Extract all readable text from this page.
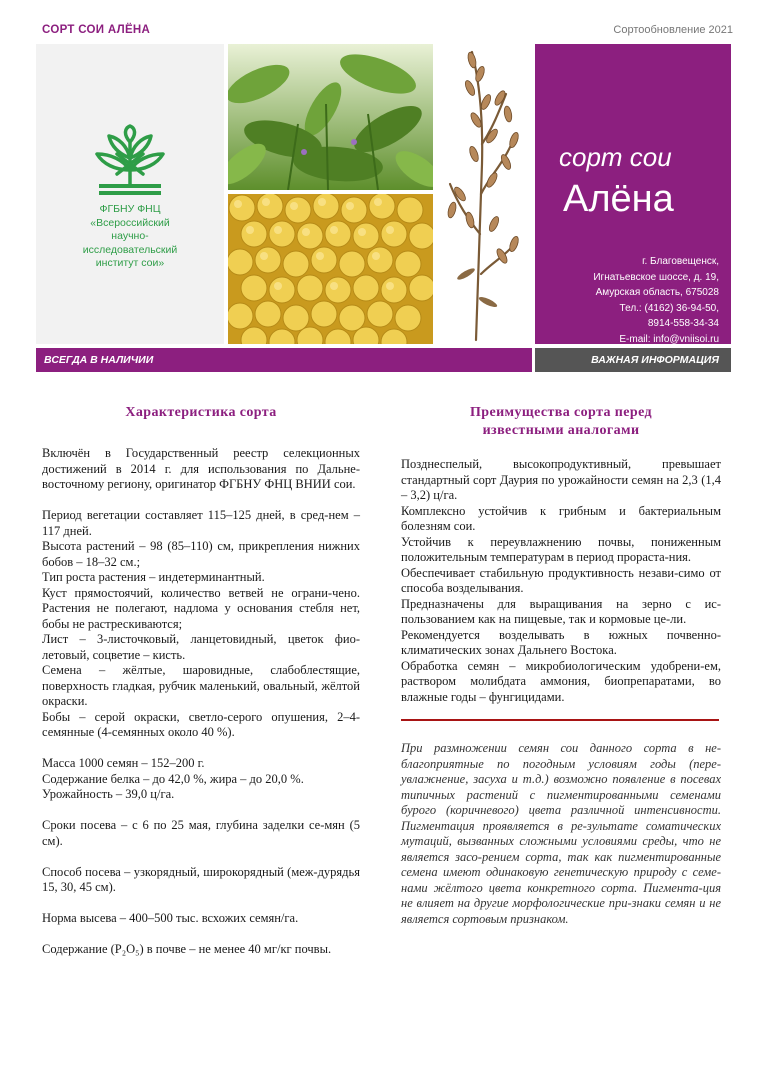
СОРТ СОИ АЛЁНА	Сортообновление 2021
ФГБНУ ФНЦ
«Всероссийский
научно-
исследовательский
институт сои»
сорт сои
Алёна
г. Благовещенск,
Игнатьевское шоссе, д. 19,
Амурская область, 675028
Тел.: (4162) 36-94-50,
8914-558-34-34
E-mail: info@vniisoi.ru
ВСЕГДА В НАЛИЧИИ	ВАЖНАЯ ИНФОРМАЦИЯ
Характеристика сорта

Включён в Государственный реестр селекционных достижений в 2014 г. для использования по Дальне-восточному региону, оригинатор ФГБНУ ФНЦ ВНИИ сои.

Период вегетации составляет 115–125 дней, в сред-нем – 117 дней.

Высота растений – 98 (85–110) см, прикрепления нижних бобов – 18–32 см.;

Тип роста растения – индетерминантный.

Куст прямостоячий, количество ветвей не ограни-чено. Растения не полегают, надлома у основания стебля нет, бобы не растрескиваются;

Лист – 3-листочковый, ланцетовидный, цветок фио-летовый, соцветие – кисть.

Семена – жёлтые, шаровидные, слабоблестящие, поверхность гладкая, рубчик маленький, овальный, жёлтой окраски.

Бобы – серой окраски, светло-серого опушения, 2–4-семянные (4-семянных около 40 %).

Масса 1000 семян – 152–200 г.

Содержание белка – до 42,0 %, жира – до 20,0 %.

Урожайность – 39,0 ц/га.

Сроки посева – с 6 по 25 мая, глубина заделки се-мян (5 см).

Способ посева – узкорядный, широкорядный (меж-дурядья 15, 30, 45 см).

Норма высева – 400–500 тыс. всхожих семян/га.

Содержание (P₂O₅) в почве – не менее 40 мг/кг почвы.

Преимущества сорта перед
известными аналогами

Позднеспелый, высокопродуктивный, превышает стандартный сорт Даурия по урожайности семян на 2,3 (1,4 – 3,2) ц/га.

Комплексно устойчив к грибным и бактериальным болезням сои.

Устойчив к переувлажнению почвы, пониженным положительным температурам в период прораста-ния.

Обеспечивает стабильную продуктивность незави-симо от способа возделывания.

Предназначены для выращивания на зерно с ис-пользованием как на пищевые, так и кормовые це-ли.

Рекомендуется возделывать в южных почвенно-климатических зонах Дальнего Востока.

Обработка семян – микробиологическим удобрени-ем, раствором молибдата аммония, биопрепаратами, во влажные годы – фунгицидами.

При размножении семян сои данного сорта в не-благоприятные по погодным условиям годы (пере-увлажнение, засуха и т.д.) возможно появление в посевах типичных растений с пигментированными семенами бурого (коричневого) цвета различной интенсивности. Пигментация проявляется в ре-зультате соматических мутаций, вызванных сложными условиями среды, что не является засо-рением сорта, так как пигментированные семена имеют одинаковую генетическую природу с семе-нами жёлтого цвета конкретного сорта. Пигмента-ция не влияет на другие морфологические при-знаки семян и не является сортовым признаком.
